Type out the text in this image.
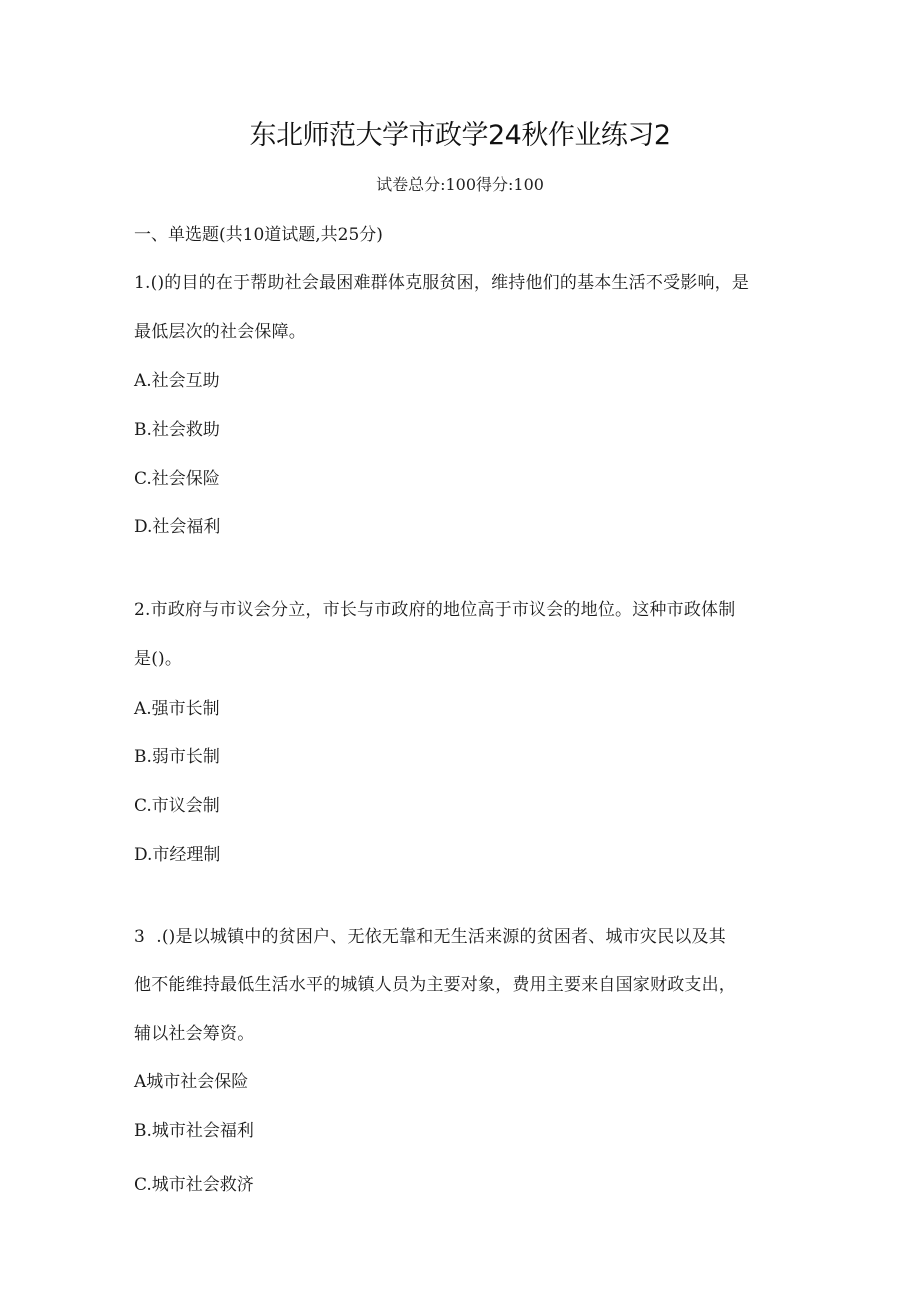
东北师范大学市政学24秋作业练习2
试卷总分:100得分:100
一、单选题(共10道试题,共25分)
1.()的目的在于帮助社会最困难群体克服贫困，维持他们的基本生活不受影响，是
最低层次的社会保障。
A.社会互助
B.社会救助
C.社会保险
D.社会福利
2.市政府与市议会分立，市长与市政府的地位高于市议会的地位。这种市政体制
是()。
A.强市长制
B.弱市长制
C.市议会制
D.市经理制
3  .()是以城镇中的贫困户、无依无靠和无生活来源的贫困者、城市灾民以及其
他不能维持最低生活水平的城镇人员为主要对象，费用主要来自国家财政支出，
辅以社会筹资。
A城市社会保险
B.城市社会福利
C.城市社会救济
